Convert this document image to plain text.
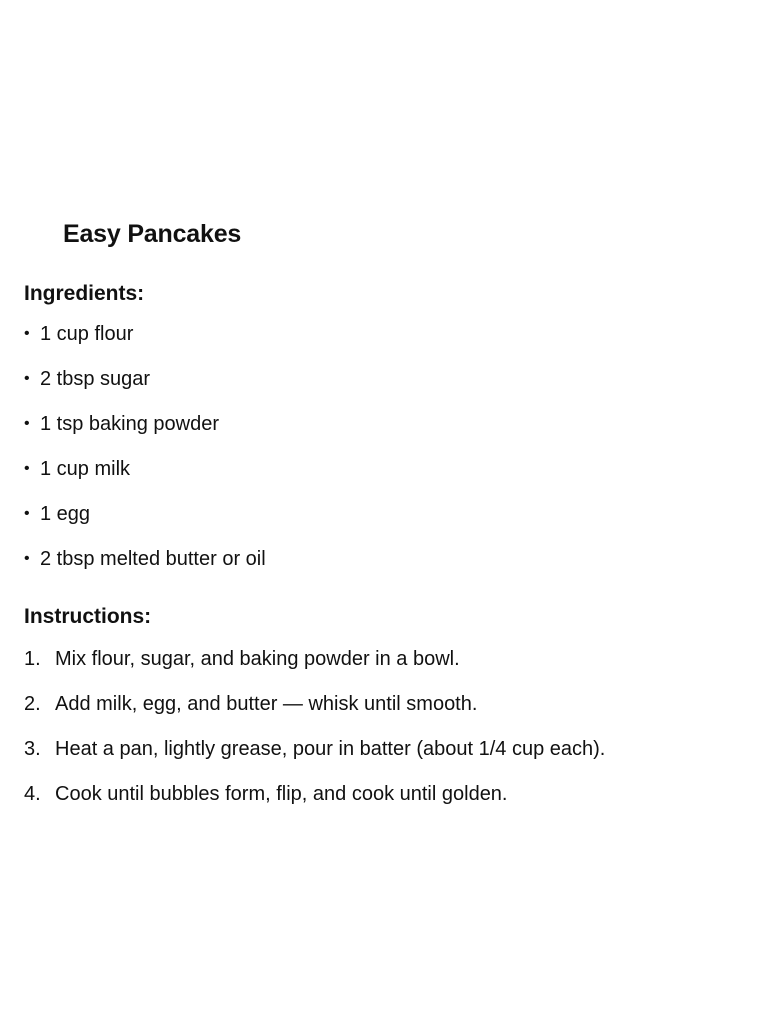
Easy Pancakes
Ingredients:
• 1 cup flour
• 2 tbsp sugar
• 1 tsp baking powder
• 1 cup milk
• 1 egg
• 2 tbsp melted butter or oil
Instructions:
1. Mix flour, sugar, and baking powder in a bowl.
2. Add milk, egg, and butter — whisk until smooth.
3. Heat a pan, lightly grease, pour in batter (about 1/4 cup each).
4. Cook until bubbles form, flip, and cook until golden.
